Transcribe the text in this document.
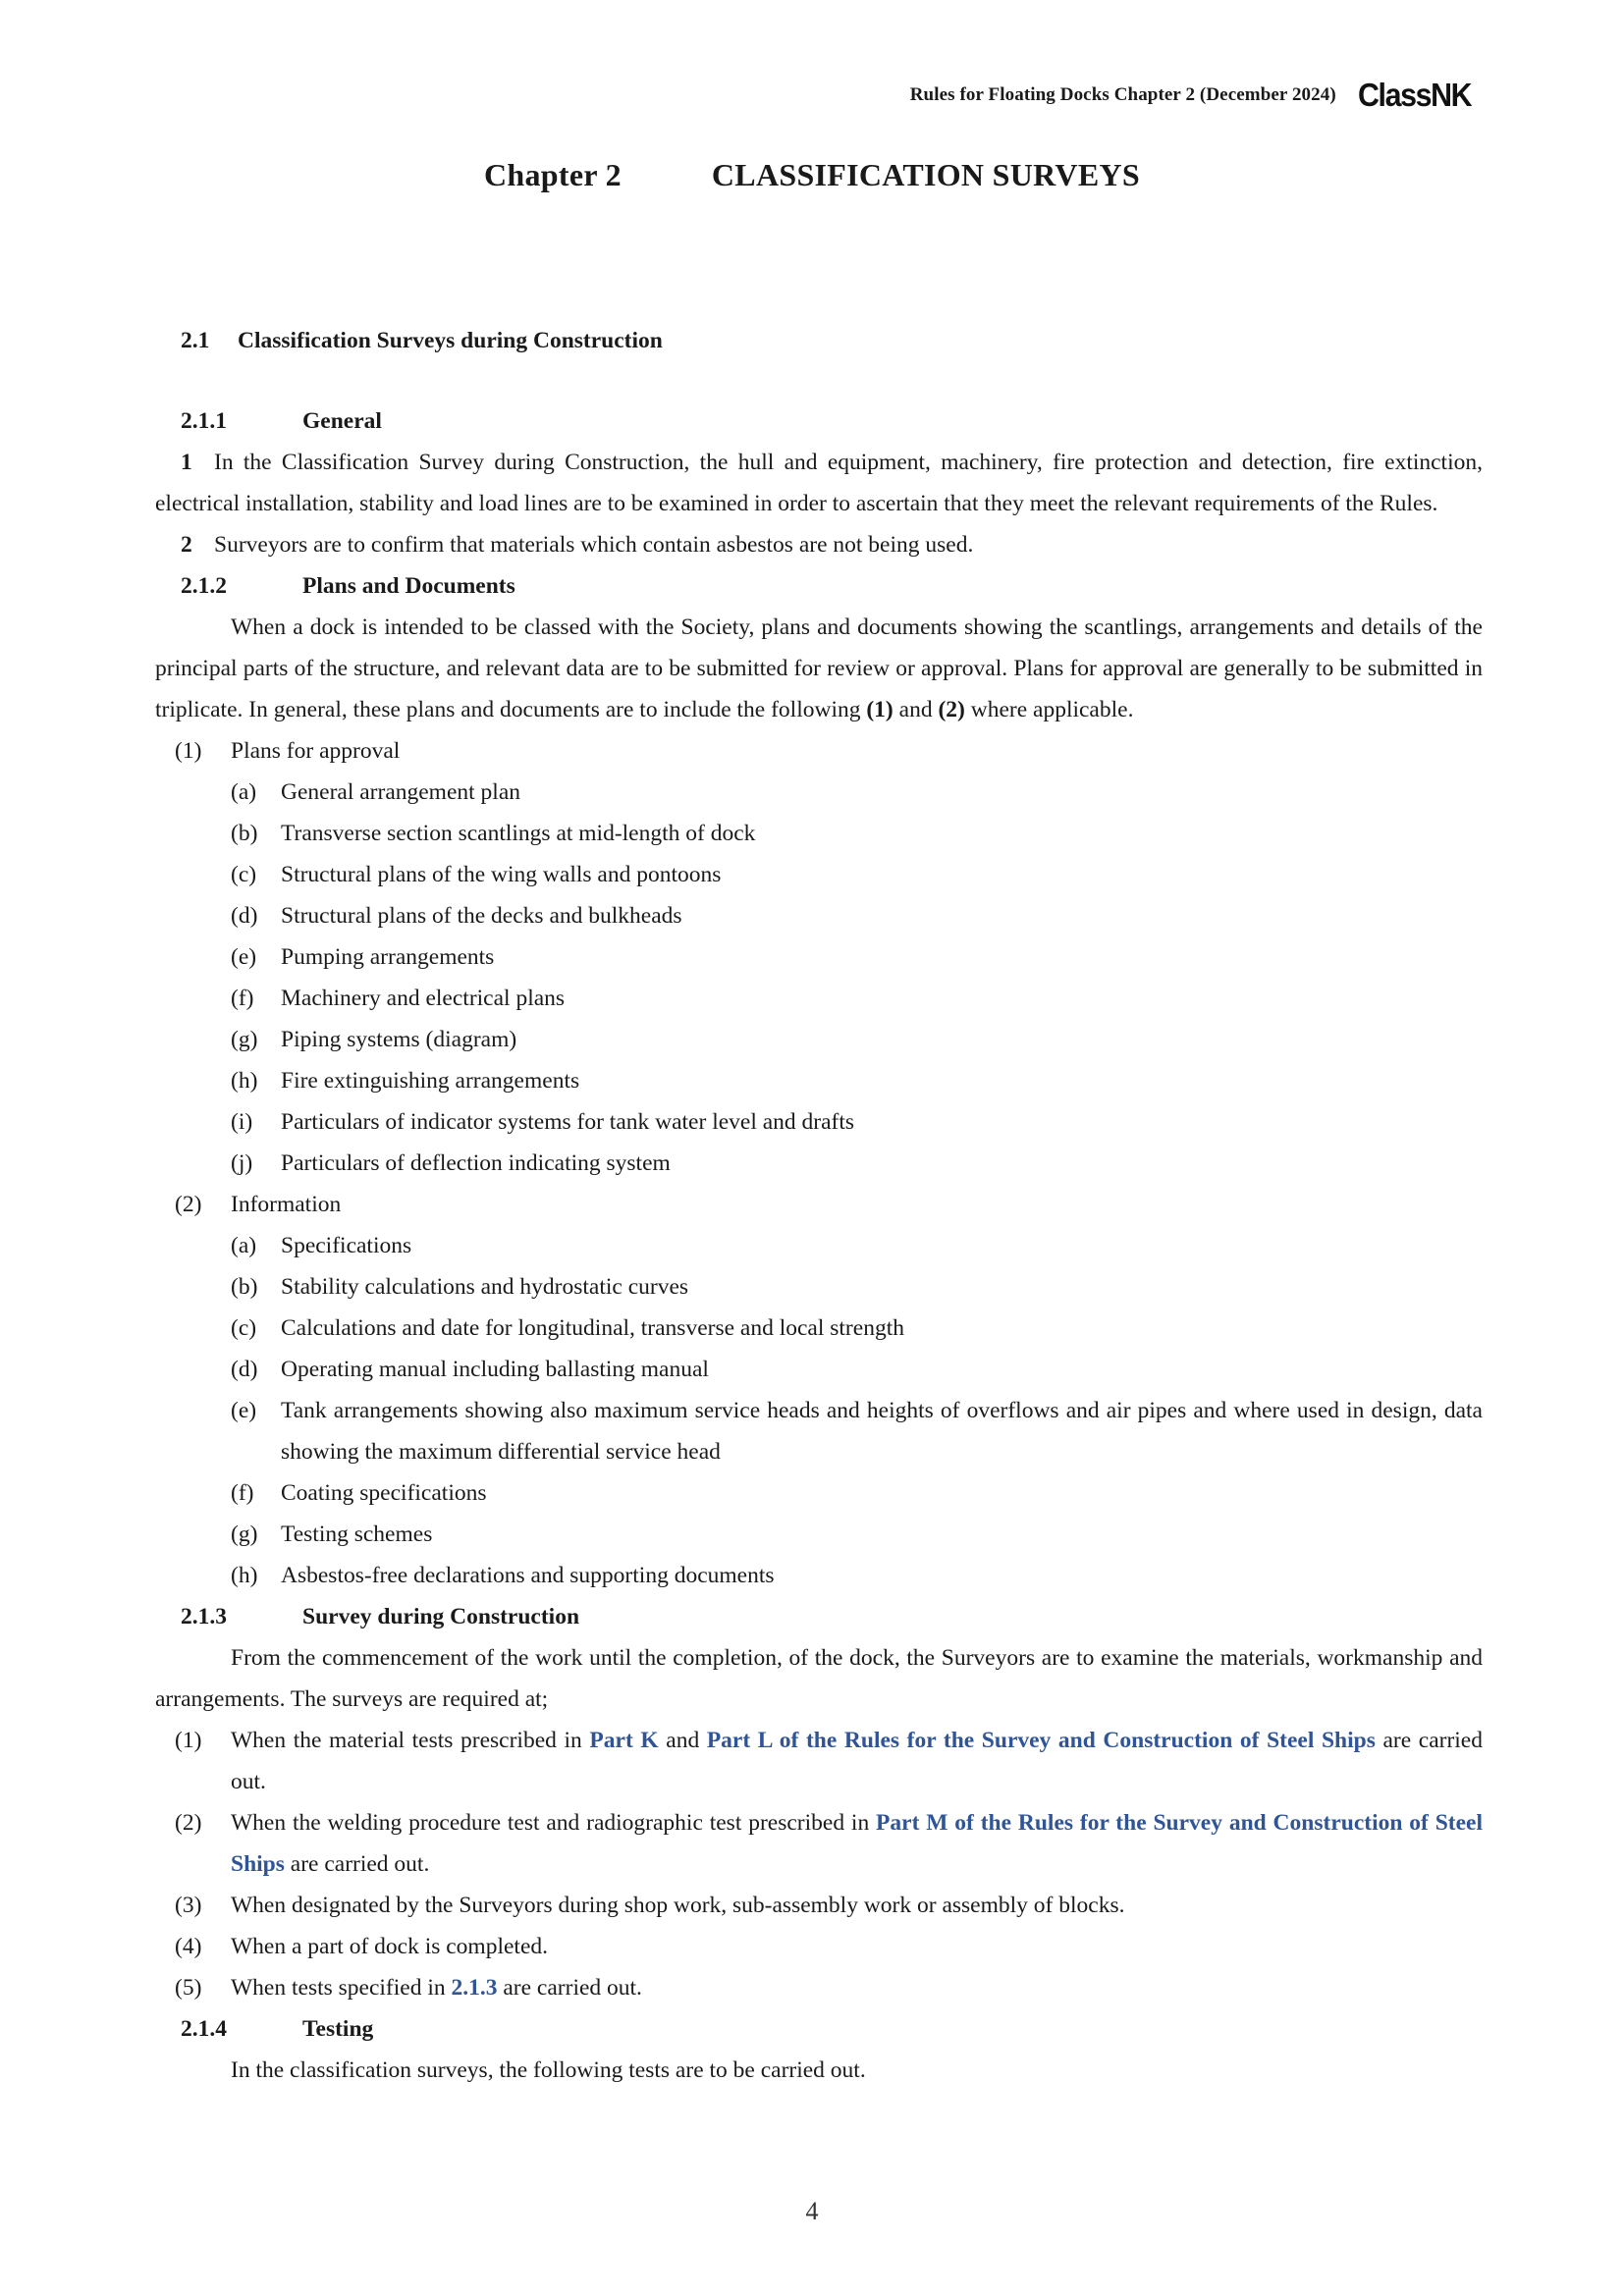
Rules for Floating Docks Chapter 2 (December 2024) ClassNK
Chapter 2	CLASSIFICATION SURVEYS
2.1 Classification Surveys during Construction
2.1.1	General

1 In the Classification Survey during Construction, the hull and equipment, machinery, fire protection and detection, fire extinction, electrical installation, stability and load lines are to be examined in order to ascertain that they meet the relevant requirements of the Rules.

2 Surveyors are to confirm that materials which contain asbestos are not being used.

2.1.2	Plans and Documents

When a dock is intended to be classed with the Society, plans and documents showing the scantlings, arrangements and details of the principal parts of the structure, and relevant data are to be submitted for review or approval. Plans for approval are generally to be submitted in triplicate. In general, these plans and documents are to include the following (1) and (2) where applicable.

(1) Plans for approval

(a) General arrangement plan

(b) Transverse section scantlings at mid-length of dock

(c) Structural plans of the wing walls and pontoons

(d) Structural plans of the decks and bulkheads

(e) Pumping arrangements

(f) Machinery and electrical plans

(g) Piping systems (diagram)

(h) Fire extinguishing arrangements

(i) Particulars of indicator systems for tank water level and drafts

(j) Particulars of deflection indicating system

(2) Information

(a) Specifications

(b) Stability calculations and hydrostatic curves

(c) Calculations and date for longitudinal, transverse and local strength

(d) Operating manual including ballasting manual

(e) Tank arrangements showing also maximum service heads and heights of overflows and air pipes and where used in design, data showing the maximum differential service head

(f) Coating specifications

(g) Testing schemes

(h) Asbestos-free declarations and supporting documents

2.1.3	Survey during Construction

From the commencement of the work until the completion, of the dock, the Surveyors are to examine the materials, workmanship and arrangements. The surveys are required at;

(1) When the material tests prescribed in Part K and Part L of the Rules for the Survey and Construction of Steel Ships are carried out.

(2) When the welding procedure test and radiographic test prescribed in Part M of the Rules for the Survey and Construction of Steel Ships are carried out.

(3) When designated by the Surveyors during shop work, sub-assembly work or assembly of blocks.

(4) When a part of dock is completed.

(5) When tests specified in 2.1.3 are carried out.

2.1.4	Testing

In the classification surveys, the following tests are to be carried out.

4
